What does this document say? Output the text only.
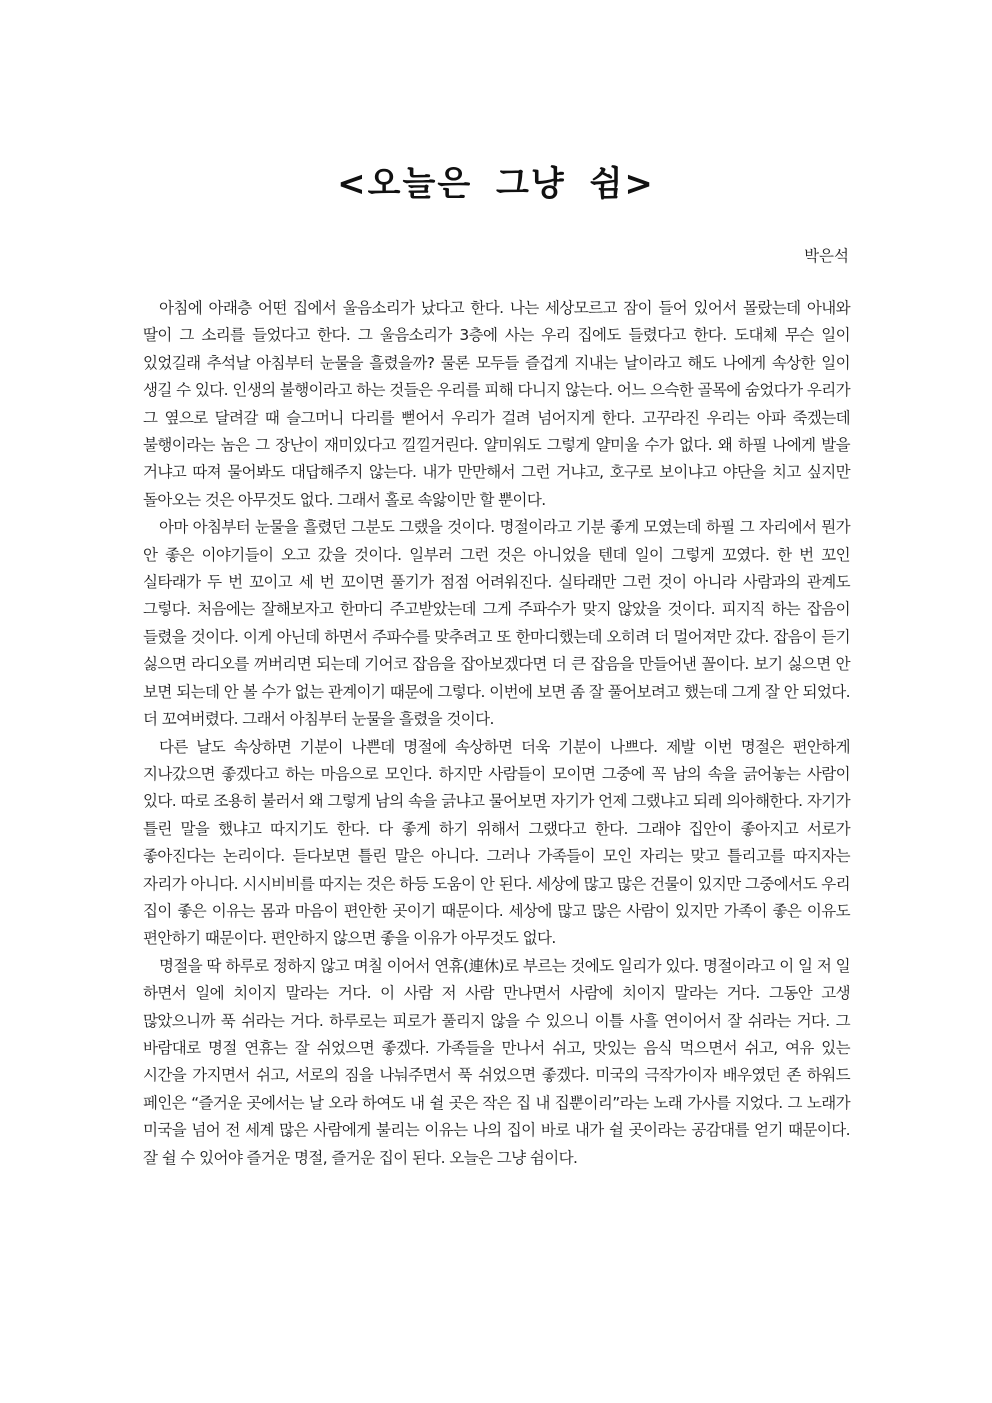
<오늘은 그냥 쉼>
박은석

아침에 아래층 어떤 집에서 울음소리가 났다고 한다. 나는 세상모르고 잠이 들어 있어서 몰랐는데 아내와 딸이 그 소리를 들었다고 한다. 그 울음소리가 3층에 사는 우리 집에도 들렸다고 한다. 도대체 무슨 일이 있었길래 추석날 아침부터 눈물을 흘렸을까? 물론 모두들 즐겁게 지내는 날이라고 해도 나에게 속상한 일이 생길 수 있다. 인생의 불행이라고 하는 것들은 우리를 피해 다니지 않는다. 어느 으슥한 골목에 숨었다가 우리가 그 옆으로 달려갈 때 슬그머니 다리를 뻗어서 우리가 걸려 넘어지게 한다. 고꾸라진 우리는 아파 죽겠는데 불행이라는 놈은 그 장난이 재미있다고 낄낄거린다. 얄미워도 그렇게 얄미울 수가 없다. 왜 하필 나에게 발을 거냐고 따져 물어봐도 대답해주지 않는다. 내가 만만해서 그런 거냐고, 호구로 보이냐고 야단을 치고 싶지만 돌아오는 것은 아무것도 없다. 그래서 홀로 속앓이만 할 뿐이다.

아마 아침부터 눈물을 흘렸던 그분도 그랬을 것이다. 명절이라고 기분 좋게 모였는데 하필 그 자리에서 뭔가 안 좋은 이야기들이 오고 갔을 것이다. 일부러 그런 것은 아니었을 텐데 일이 그렇게 꼬였다. 한 번 꼬인 실타래가 두 번 꼬이고 세 번 꼬이면 풀기가 점점 어려워진다. 실타래만 그런 것이 아니라 사람과의 관계도 그렇다. 처음에는 잘해보자고 한마디 주고받았는데 그게 주파수가 맞지 않았을 것이다. 피지직 하는 잡음이 들렸을 것이다. 이게 아닌데 하면서 주파수를 맞추려고 또 한마디했는데 오히려 더 멀어져만 갔다. 잡음이 듣기 싫으면 라디오를 꺼버리면 되는데 기어코 잡음을 잡아보겠다면 더 큰 잡음을 만들어낸 꼴이다. 보기 싫으면 안 보면 되는데 안 볼 수가 없는 관계이기 때문에 그렇다. 이번에 보면 좀 잘 풀어보려고 했는데 그게 잘 안 되었다. 더 꼬여버렸다. 그래서 아침부터 눈물을 흘렸을 것이다.

다른 날도 속상하면 기분이 나쁜데 명절에 속상하면 더욱 기분이 나쁘다. 제발 이번 명절은 편안하게 지나갔으면 좋겠다고 하는 마음으로 모인다. 하지만 사람들이 모이면 그중에 꼭 남의 속을 긁어놓는 사람이 있다. 따로 조용히 불러서 왜 그렇게 남의 속을 긁냐고 물어보면 자기가 언제 그랬냐고 되레 의아해한다. 자기가 틀린 말을 했냐고 따지기도 한다. 다 좋게 하기 위해서 그랬다고 한다. 그래야 집안이 좋아지고 서로가 좋아진다는 논리이다. 듣다보면 틀린 말은 아니다. 그러나 가족들이 모인 자리는 맞고 틀리고를 따지자는 자리가 아니다. 시시비비를 따지는 것은 하등 도움이 안 된다. 세상에 많고 많은 건물이 있지만 그중에서도 우리 집이 좋은 이유는 몸과 마음이 편안한 곳이기 때문이다. 세상에 많고 많은 사람이 있지만 가족이 좋은 이유도 편안하기 때문이다. 편안하지 않으면 좋을 이유가 아무것도 없다.

명절을 딱 하루로 정하지 않고 며칠 이어서 연휴(連休)로 부르는 것에도 일리가 있다. 명절이라고 이 일 저 일 하면서 일에 치이지 말라는 거다. 이 사람 저 사람 만나면서 사람에 치이지 말라는 거다. 그동안 고생 많았으니까 푹 쉬라는 거다. 하루로는 피로가 풀리지 않을 수 있으니 이틀 사흘 연이어서 잘 쉬라는 거다. 그 바람대로 명절 연휴는 잘 쉬었으면 좋겠다. 가족들을 만나서 쉬고, 맛있는 음식 먹으면서 쉬고, 여유 있는 시간을 가지면서 쉬고, 서로의 짐을 나눠주면서 푹 쉬었으면 좋겠다. 미국의 극작가이자 배우였던 존 하워드 페인은 “즐거운 곳에서는 날 오라 하여도 내 쉴 곳은 작은 집 내 집뿐이리”라는 노래 가사를 지었다. 그 노래가 미국을 넘어 전 세계 많은 사람에게 불리는 이유는 나의 집이 바로 내가 쉴 곳이라는 공감대를 얻기 때문이다. 잘 쉴 수 있어야 즐거운 명절, 즐거운 집이 된다. 오늘은 그냥 쉼이다.
